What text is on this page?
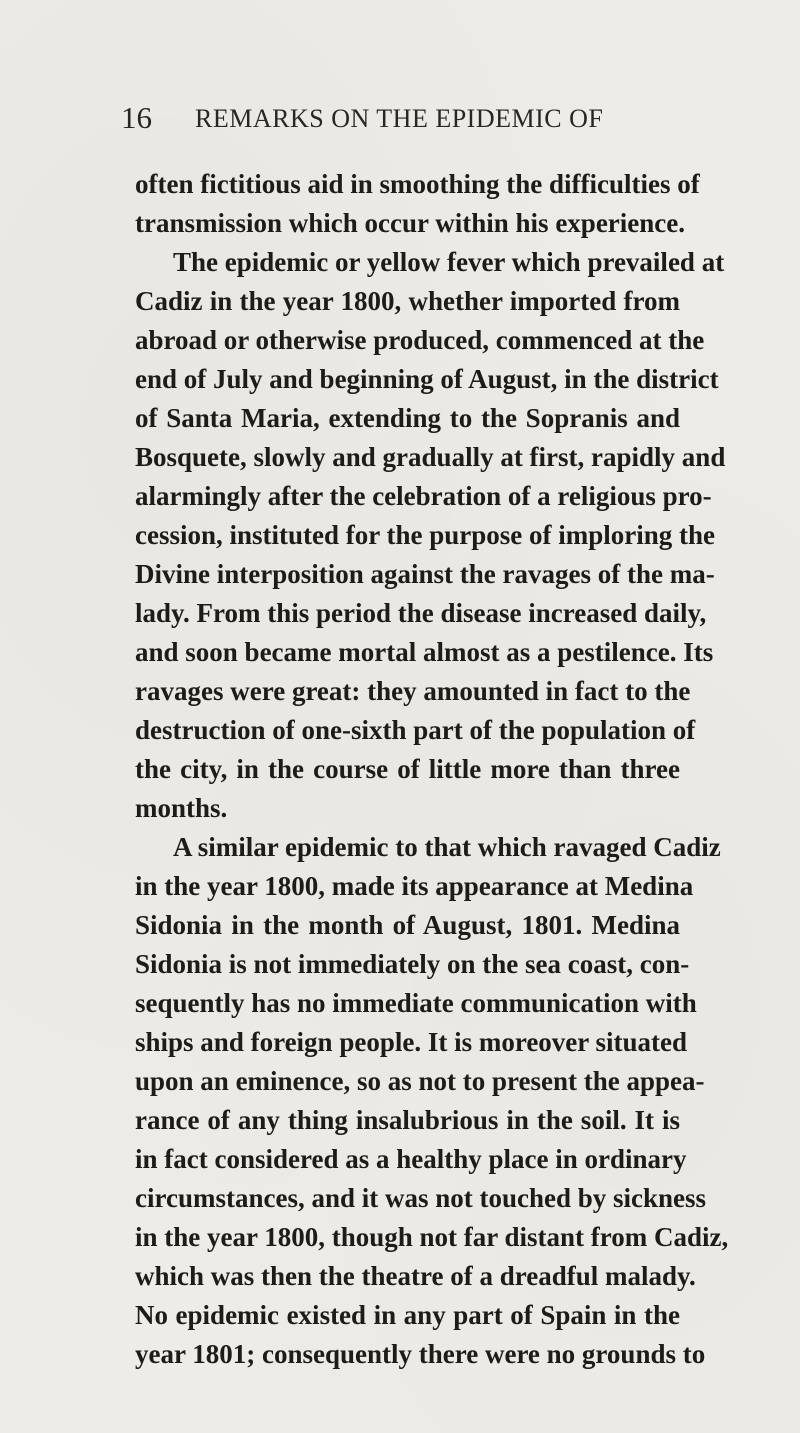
16 REMARKS ON THE EPIDEMIC OF
often fictitious aid in smoothing the difficulties of
transmission which occur within his experience.
The epidemic or yellow fever which prevailed at
Cadiz in the year 1800, whether imported from
abroad or otherwise produced, commenced at the
end of July and beginning of August, in the district
of Santa Maria, extending to the Sopranis and
Bosquete, slowly and gradually at first, rapidly and
alarmingly after the celebration of a religious pro-
cession, instituted for the purpose of imploring the
Divine interposition against the ravages of the ma-
lady. From this period the disease increased daily,
and soon became mortal almost as a pestilence. Its
ravages were great: they amounted in fact to the
destruction of one-sixth part of the population of
the city, in the course of little more than three
months.
A similar epidemic to that which ravaged Cadiz
in the year 1800, made its appearance at Medina
Sidonia in the month of August, 1801. Medina
Sidonia is not immediately on the sea coast, con-
sequently has no immediate communication with
ships and foreign people. It is moreover situated
upon an eminence, so as not to present the appea-
rance of any thing insalubrious in the soil. It is
in fact considered as a healthy place in ordinary
circumstances, and it was not touched by sickness
in the year 1800, though not far distant from Cadiz,
which was then the theatre of a dreadful malady.
No epidemic existed in any part of Spain in the
year 1801; consequently there were no grounds to
